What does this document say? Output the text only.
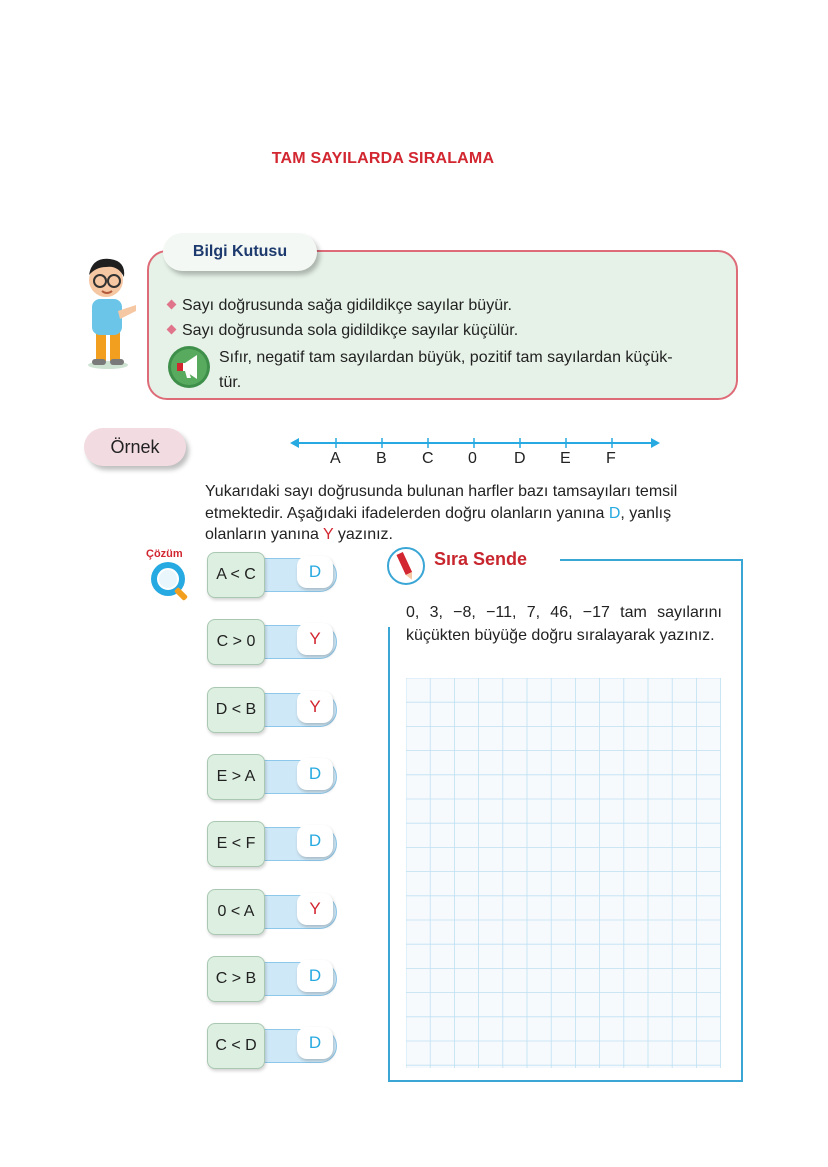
TAM SAYILARDA SIRALAMA
Bilgi Kutusu
Sayı doğrusunda sağa gidildikçe sayılar büyür.
Sayı doğrusunda sola gidildikçe sayılar küçülür.
Sıfır, negatif tam sayılardan büyük, pozitif tam sayılardan küçük-
tür.
Örnek
A B C 0 D E F
Yukarıdaki sayı doğrusunda bulunan harfler bazı tamsayıları temsil
etmektedir. Aşağıdaki ifadelerden doğru olanların yanına D, yanlış
olanların yanına Y yazınız.
Çözüm
A < C	D
C > 0	Y
D < B	Y
E > A	D
E < F	D
0 < A	Y
C > B	D
C < D	D
Sıra Sende
0, 3, −8, −11, 7, 46, −17 tam sayılarını küçükten büyüğe doğru sıralayarak yazınız.
